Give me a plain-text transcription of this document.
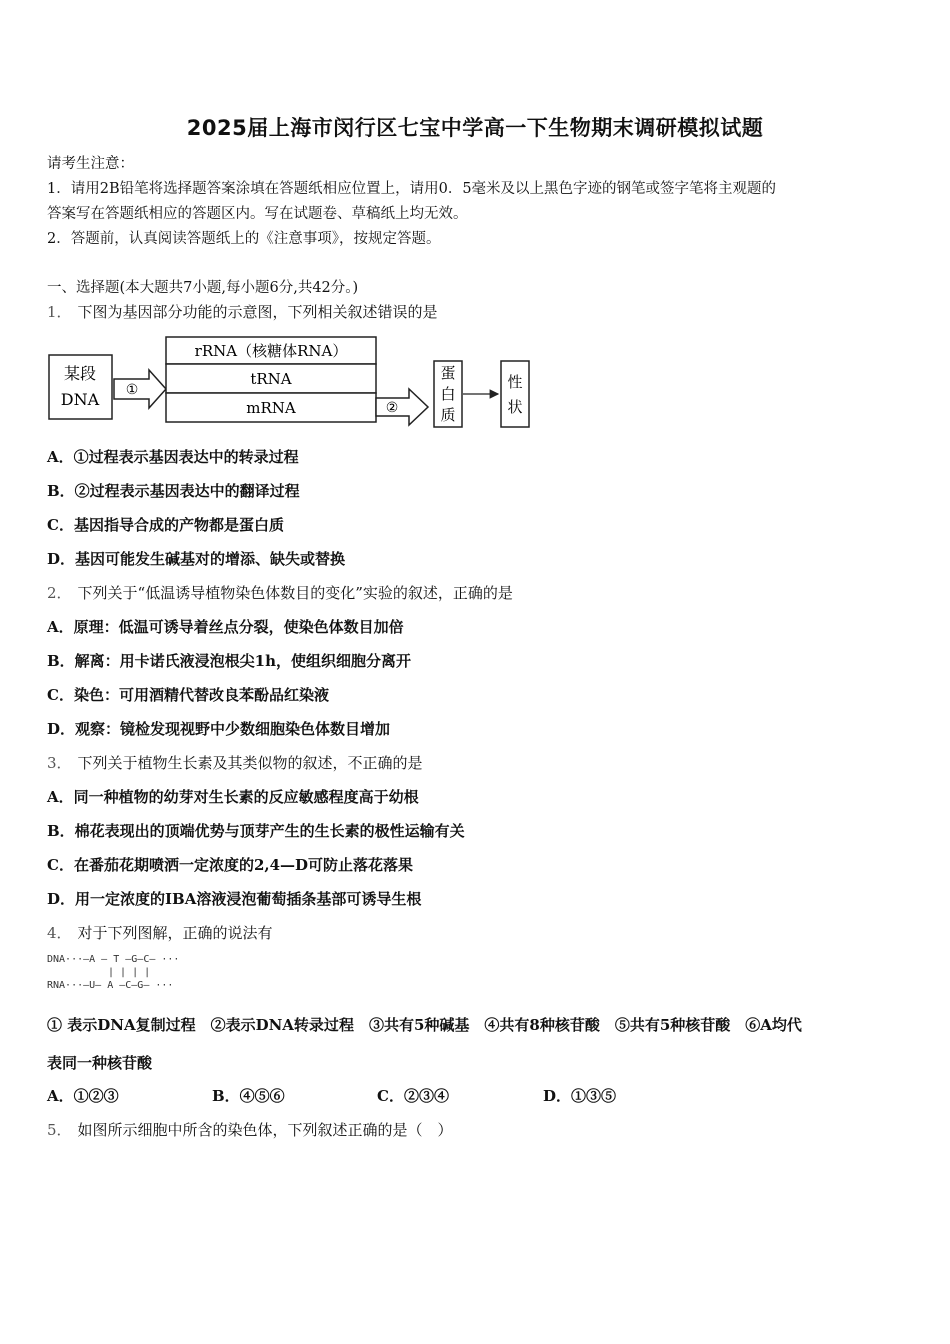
2025届上海市闵行区七宝中学高一下生物期末调研模拟试题
请考生注意：
1．请用2B铅笔将选择题答案涂填在答题纸相应位置上，请用0．5毫米及以上黑色字迹的钢笔或签字笔将主观题的
答案写在答题纸相应的答题区内。写在试题卷、草稿纸上均无效。
2．答题前，认真阅读答题纸上的《注意事项》，按规定答题。
一、选择题(本大题共7小题,每小题6分,共42分。)
1． 下图为基因部分功能的示意图，下列相关叙述错误的是
某段
DNA ①
rRNA（核糖体RNA）
tRNA
mRNA	②
蛋
白
质
性
状
A．①过程表示基因表达中的转录过程
B．②过程表示基因表达中的翻译过程
C．基因指导合成的产物都是蛋白质
D．基因可能发生碱基对的增添、缺失或替换
2． 下列关于“低温诱导植物染色体数目的变化”实验的叙述，正确的是
A．原理：低温可诱导着丝点分裂，使染色体数目加倍
B．解离：用卡诺氏液浸泡根尖1h，使组织细胞分离开
C．染色：可用酒精代替改良苯酚品红染液
D．观察：镜检发现视野中少数细胞染色体数目增加
3． 下列关于植物生长素及其类似物的叙述，不正确的是
A．同一种植物的幼芽对生长素的反应敏感程度高于幼根
B．棉花表现出的顶端优势与顶芽产生的生长素的极性运输有关
C．在番茄花期喷洒一定浓度的2,4—D可防止落花落果
D．用一定浓度的IBA溶液浸泡葡萄插条基部可诱导生根
4． 对于下列图解，正确的说法有
DNA···—A — T —G—C— ···
| | | |
RNA···—U— A —C—G— ···
① 表示DNA复制过程　②表示DNA转录过程　③共有5种碱基　④共有8种核苷酸　⑤共有5种核苷酸　⑥A均代
表同一种核苷酸
A．①②③	B．④⑤⑥	C．②③④	D．①③⑤
5． 如图所示细胞中所含的染色体，下列叙述正确的是（　）
